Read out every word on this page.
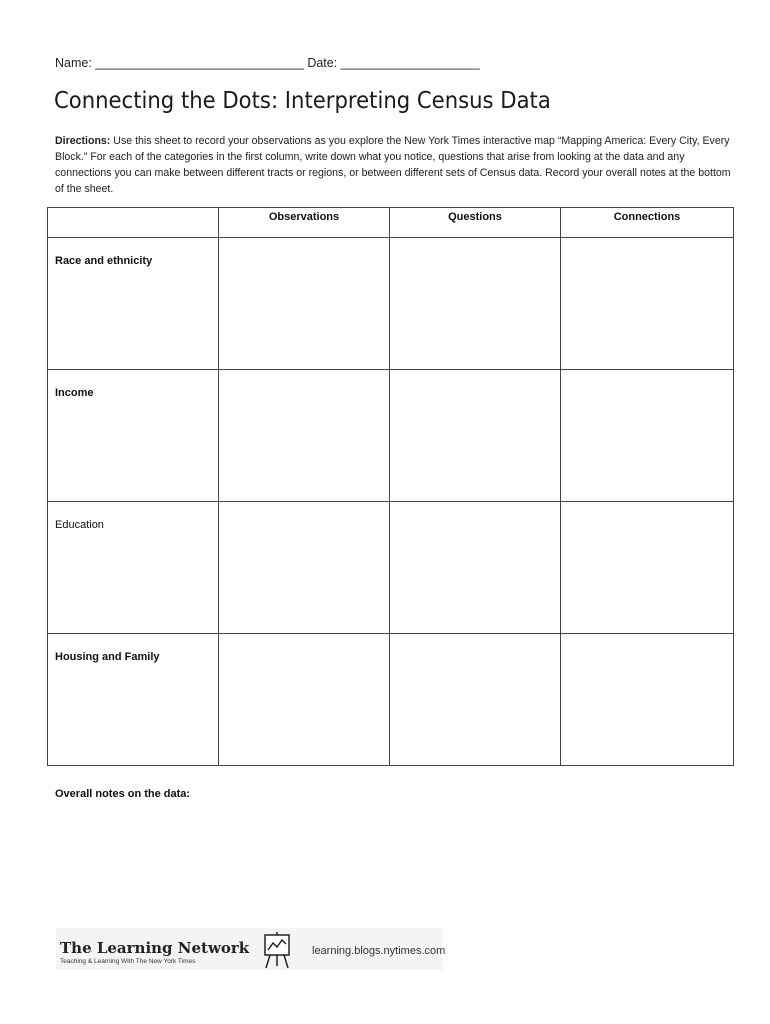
Name: ______________________________ Date: ____________________
Connecting the Dots: Interpreting Census Data
Directions: Use this sheet to record your observations as you explore the New York Times interactive map “Mapping America: Every City, Every Block.” For each of the categories in the first column, write down what you notice, questions that arise from looking at the data and any connections you can make between different tracts or regions, or between different sets of Census data. Record your overall notes at the bottom of the sheet.
	Observations	Questions	Connections

Race and ethnicity			

Income			

Education			

Housing and Family			

Overall notes on the data:
The Learning Network
Teaching & Learning With The New York Times
learning.blogs.nytimes.com
